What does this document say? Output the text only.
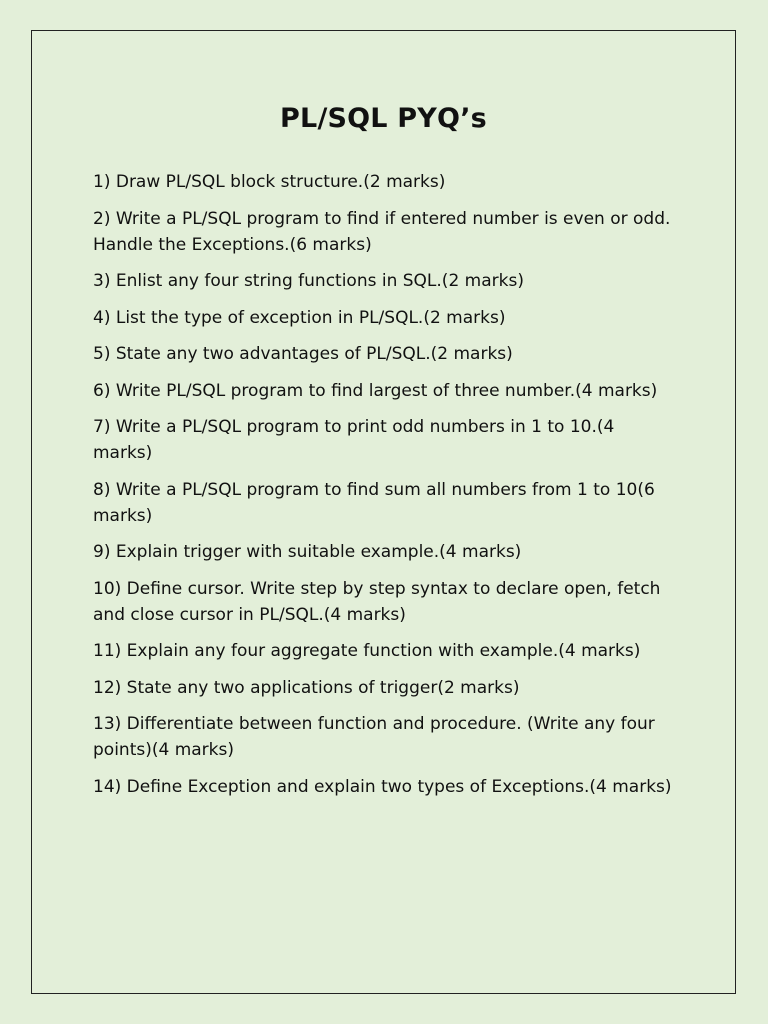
PL/SQL PYQ’s
1) Draw PL/SQL block structure.(2 marks)
2) Write a PL/SQL program to find if entered number is even or odd. Handle the Exceptions.(6 marks)
3) Enlist any four string functions in SQL.(2 marks)
4) List the type of exception in PL/SQL.(2 marks)
5) State any two advantages of PL/SQL.(2 marks)
6) Write PL/SQL program to find largest of three number.(4 marks)
7) Write a PL/SQL program to print odd numbers in 1 to 10.(4 marks)
8) Write a PL/SQL program to find sum all numbers from 1 to 10(6 marks)
9) Explain trigger with suitable example.(4 marks)
10) Define cursor. Write step by step syntax to declare open, fetch and close cursor in PL/SQL.(4 marks)
11) Explain any four aggregate function with example.(4 marks)
12) State any two applications of trigger(2 marks)
13) Differentiate between function and procedure. (Write any four points)(4 marks)
14) Define Exception and explain two types of Exceptions.(4 marks)
